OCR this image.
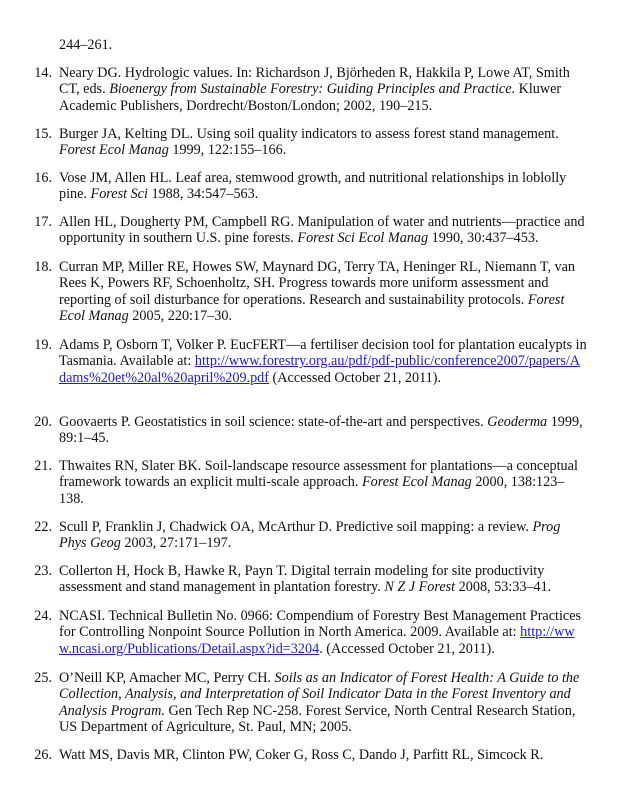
244–261.
14. Neary DG. Hydrologic values. In: Richardson J, Björheden R, Hakkila P, Lowe AT, Smith CT, eds. Bioenergy from Sustainable Forestry: Guiding Principles and Practice. Kluwer Academic Publishers, Dordrecht/Boston/London; 2002, 190–215.
15. Burger JA, Kelting DL. Using soil quality indicators to assess forest stand management. Forest Ecol Manag 1999, 122:155–166.
16. Vose JM, Allen HL. Leaf area, stemwood growth, and nutritional relationships in loblolly pine. Forest Sci 1988, 34:547–563.
17. Allen HL, Dougherty PM, Campbell RG. Manipulation of water and nutrients—practice and opportunity in southern U.S. pine forests. Forest Sci Ecol Manag 1990, 30:437–453.
18. Curran MP, Miller RE, Howes SW, Maynard DG, Terry TA, Heninger RL, Niemann T, van Rees K, Powers RF, Schoenholtz, SH. Progress towards more uniform assessment and reporting of soil disturbance for operations. Research and sustainability protocols. Forest Ecol Manag 2005, 220:17–30.
19. Adams P, Osborn T, Volker P. EucFERT—a fertiliser decision tool for plantation eucalypts in Tasmania. Available at: http://www.forestry.org.au/pdf/pdf-public/conference2007/papers/Adams%20et%20al%20april%209.pdf (Accessed October 21, 2011).
20. Goovaerts P. Geostatistics in soil science: state-of-the-art and perspectives. Geoderma 1999, 89:1–45.
21. Thwaites RN, Slater BK. Soil-landscape resource assessment for plantations—a conceptual framework towards an explicit multi-scale approach. Forest Ecol Manag 2000, 138:123–138.
22. Scull P, Franklin J, Chadwick OA, McArthur D. Predictive soil mapping: a review. Prog Phys Geog 2003, 27:171–197.
23. Collerton H, Hock B, Hawke R, Payn T. Digital terrain modeling for site productivity assessment and stand management in plantation forestry. N Z J Forest 2008, 53:33–41.
24. NCASI. Technical Bulletin No. 0966: Compendium of Forestry Best Management Practices for Controlling Nonpoint Source Pollution in North America. 2009. Available at: http://www.ncasi.org/Publications/Detail.aspx?id=3204. (Accessed October 21, 2011).
25. O’Neill KP, Amacher MC, Perry CH. Soils as an Indicator of Forest Health: A Guide to the Collection, Analysis, and Interpretation of Soil Indicator Data in the Forest Inventory and Analysis Program. Gen Tech Rep NC-258. Forest Service, North Central Research Station, US Department of Agriculture, St. Paul, MN; 2005.
26. Watt MS, Davis MR, Clinton PW, Coker G, Ross C, Dando J, Parfitt RL, Simcock R.
